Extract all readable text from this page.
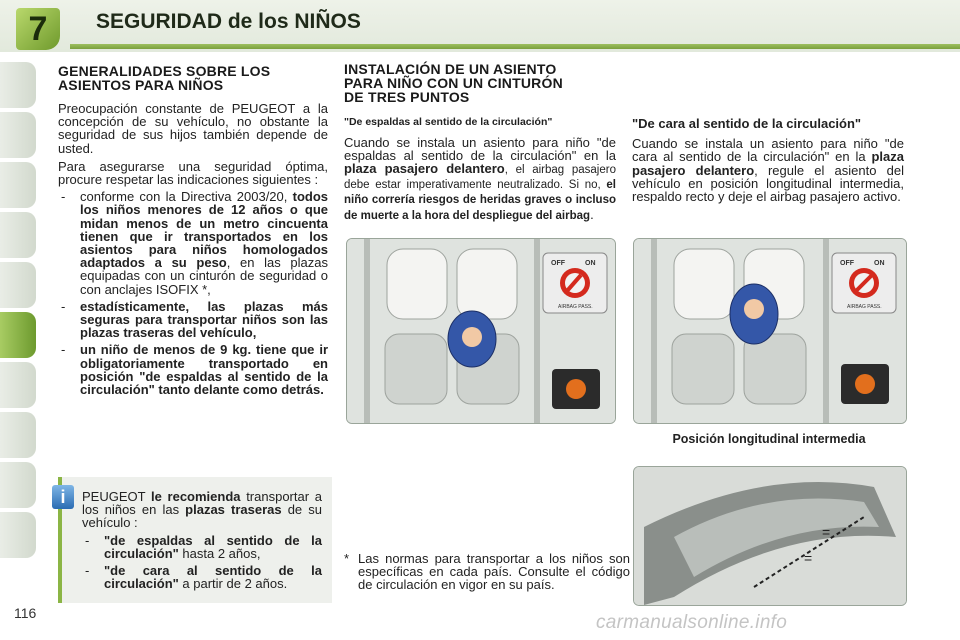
7	SEGURIDAD de los NIÑOS
116
GENERALIDADES SOBRE LOS
ASIENTOS PARA NIÑOS

Preocupación constante de PEUGEOT a la concepción de su vehículo, no obstante la seguridad de sus hijos también depende de usted.

Para asegurarse una seguridad óptima, procure respetar las indicaciones siguientes :

- conforme con la Directiva 2003/20, todos los niños menores de 12 años o que midan menos de un metro cincuenta tienen que ir transportados en los asientos para niños homologados adaptados a su peso, en las plazas equipadas con un cinturón de seguridad o con anclajes ISOFIX *,
- estadísticamente, las plazas más seguras para transportar niños son las plazas traseras del vehículo,
- un niño de menos de 9 kg. tiene que ir obligatoriamente transportado en posición "de espaldas al sentido de la circulación" tanto delante como detrás.
i	PEUGEOT le recomienda transportar a los niños en las plazas traseras de su vehículo :

- "de espaldas al sentido de la circulación" hasta 2 años,
- "de cara al sentido de la circulación" a partir de 2 años.
INSTALACIÓN DE UN ASIENTO
PARA NIÑO CON UN CINTURÓN
DE TRES PUNTOS

"De espaldas al sentido de la circulación"

Cuando se instala un asiento para niño "de espaldas al sentido de la circulación" en la plaza pasajero delantero, el airbag pasajero debe estar imperativamente neutralizado. Si no, el niño correría riesgos de heridas graves o incluso de muerte a la hora del despliegue del airbag.

"De cara al sentido de la circulación"

Cuando se instala un asiento para niño "de cara al sentido de la circulación" en la plaza pasajero delantero, regule el asiento del vehículo en posición longitudinal intermedia, respaldo recto y deje el airbag pasajero activo.

OFF	ON
AIRBAG PASS.
OFF	ON
AIRBAG PASS.
Posición longitudinal intermedia
=
=
* Las normas para transportar a los niños son específicas en cada país. Consulte el código de circulación en vigor en su país.
carmanualsonline.info
